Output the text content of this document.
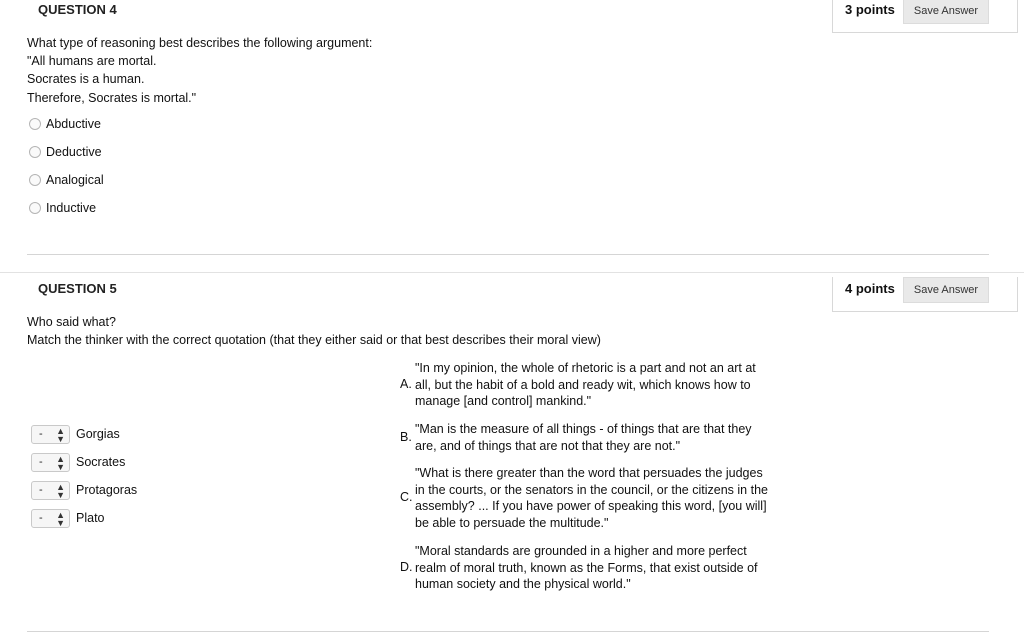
QUESTION 4	3 points	Save Answer
What type of reasoning best describes the following argument:
"All humans are mortal.
Socrates is a human.
Therefore, Socrates is mortal."
Abductive
Deductive
Analogical
Inductive
QUESTION 5	4 points	Save Answer
Who said what?
Match the thinker with the correct quotation (that they either said or that best describes their moral view)
- ▲
▼ Gorgias
- ▲
▼ Socrates
- ▲
▼ Protagoras
- ▲
▼ Plato
A.
"In my opinion, the whole of rhetoric is a part and not an art at all, but the habit of a bold and ready wit, which knows how to manage [and control] mankind."
B.
"Man is the measure of all things - of things that are that they are, and of things that are not that they are not."
C.
"What is there greater than the word that persuades the judges in the courts, or the senators in the council, or the citizens in the assembly? ... If you have power of speaking this word, [you will] be able to persuade the multitude."
D.
"Moral standards are grounded in a higher and more perfect realm of moral truth, known as the Forms, that exist outside of human society and the physical world."
